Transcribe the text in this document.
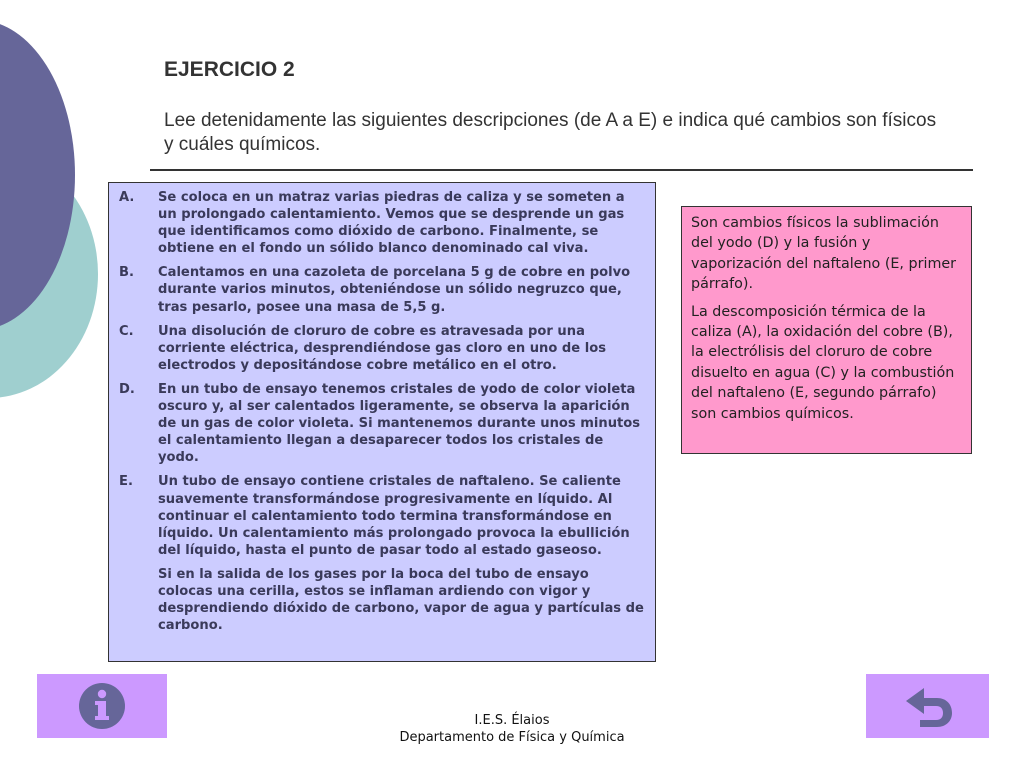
EJERCICIO 2

Lee detenidamente las siguientes descripciones (de A a E) e indica qué cambios son físicos y cuáles químicos.

A.	Se coloca en un matraz varias piedras de caliza y se someten a un prolongado calentamiento. Vemos que se desprende un gas que identificamos como dióxido de carbono. Finalmente, se obtiene en el fondo un sólido blanco denominado cal viva.
B.	Calentamos en una cazoleta de porcelana 5 g de cobre en polvo durante varios minutos, obteniéndose un sólido negruzco que, tras pesarlo, posee una masa de 5,5 g.
C.	Una disolución de cloruro de cobre es atravesada por una corriente eléctrica, desprendiéndose gas cloro en uno de los electrodos y depositándose cobre metálico en el otro.
D.	En un tubo de ensayo tenemos cristales de yodo de color violeta oscuro y, al ser calentados ligeramente, se observa la aparición de un gas de color violeta. Si mantenemos durante unos minutos el calentamiento llegan a desaparecer todos los cristales de yodo.
E.	Un tubo de ensayo contiene cristales de naftaleno. Se caliente suavemente transformándose progresivamente en líquido. Al continuar el calentamiento todo termina transformándose en líquido. Un calentamiento más prolongado provoca la ebullición del líquido, hasta el punto de pasar todo al estado gaseoso.
Si en la salida de los gases por la boca del tubo de ensayo colocas una cerilla, estos se inflaman ardiendo con vigor y desprendiendo dióxido de carbono, vapor de agua y partículas de carbono.

Son cambios físicos la sublimación del yodo (D) y la fusión y vaporización del naftaleno (E, primer párrafo).

La descomposición térmica de la caliza (A), la oxidación del cobre (B), la electrólisis del cloruro de cobre disuelto en agua (C) y la combustión del naftaleno (E, segundo párrafo) son cambios químicos.

I.E.S. Élaios
Departamento de Física y Química
